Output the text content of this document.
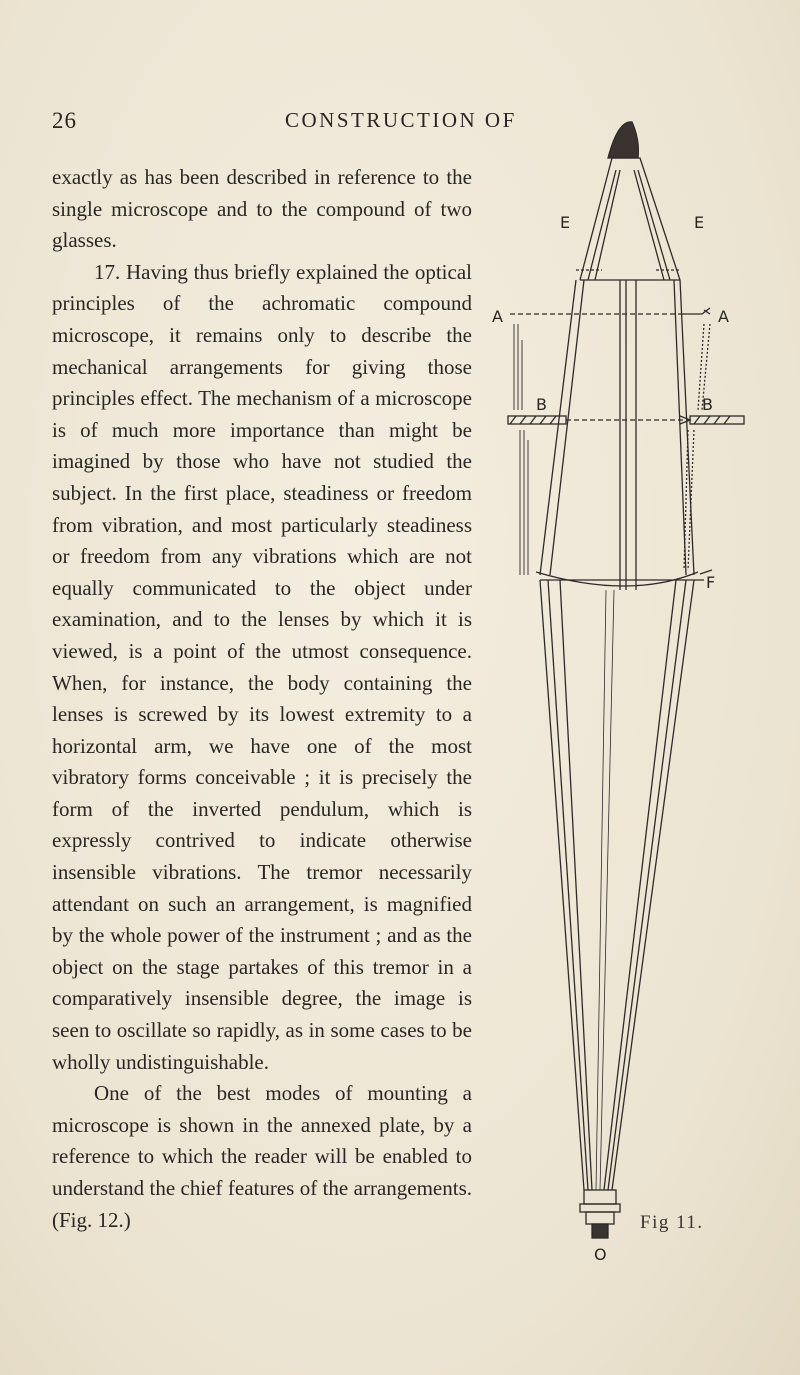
26	CONSTRUCTION OF

exactly as has been described in reference to the single microscope and to the compound of two glasses.

17. Having thus briefly explained the optical principles of the achromatic compound microscope, it remains only to describe the mechanical arrangements for giving those principles effect. The mechanism of a microscope is of much more importance than might be imagined by those who have not studied the subject. In the first place, steadiness or freedom from vibration, and most particularly steadiness or freedom from any vibrations which are not equally communicated to the object under examination, and to the lenses by which it is viewed, is a point of the utmost consequence. When, for instance, the body containing the lenses is screwed by its lowest extremity to a horizontal arm, we have one of the most vibratory forms conceivable ; it is precisely the form of the inverted pendulum, which is expressly contrived to indicate otherwise insensible vibrations. The tremor necessarily attendant on such an arrangement, is magnified by the whole power of the instrument ; and as the object on the stage partakes of this tremor in a comparatively insensible degree, the image is seen to oscillate so rapidly, as in some cases to be wholly undistinguishable.

One of the best modes of mounting a microscope is shown in the annexed plate, by a reference to which the reader will be enabled to understand the chief features of the arrangements. (Fig. 12.)

E	E
A	A
B	B
F
O
Fig 11.
